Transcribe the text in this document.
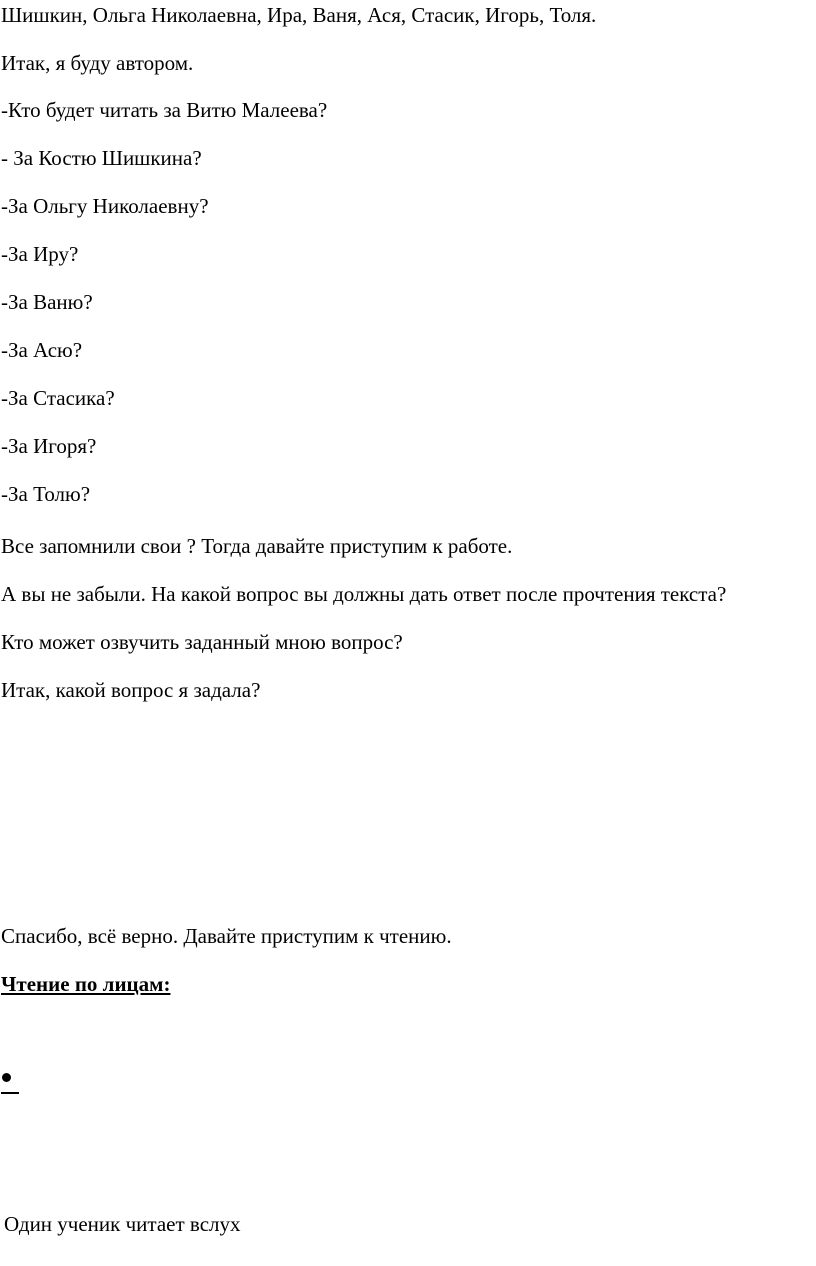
Шишкин, Ольга Николаевна, Ира, Ваня, Ася, Стасик, Игорь, Толя.
Итак, я буду автором.
-Кто будет читать за Витю Малеева?
- За Костю Шишкина?
-За Ольгу Николаевну?
-За Иру?
-За Ваню?
-За Асю?
-За Стасика?
-За Игоря?
-За Толю?
Все запомнили свои ? Тогда давайте приступим к работе.
А вы не забыли. На какой вопрос вы должны дать ответ после прочтения текста?
Кто может озвучить заданный мною вопрос?
Итак, какой вопрос я задала?
Спасибо, всё верно. Давайте приступим к чтению.
Чтение по лицам:
Один ученик читает вслух
